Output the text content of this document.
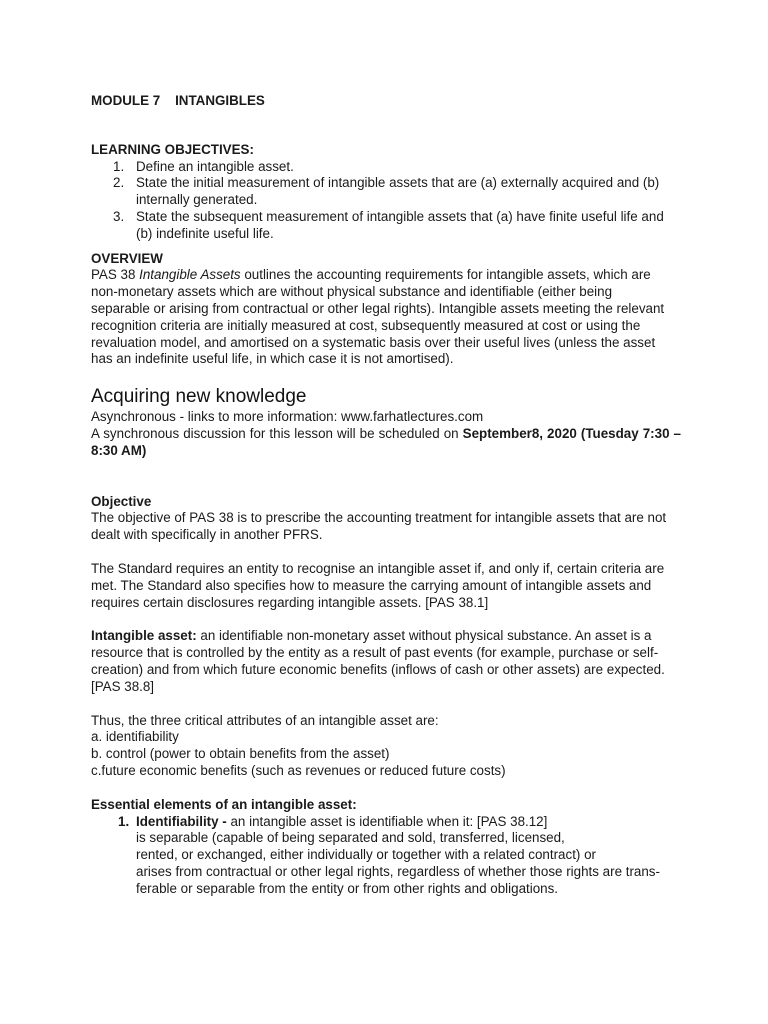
MODULE 7    INTANGIBLES

LEARNING OBJECTIVES:

1. Define an intangible asset.
2. State the initial measurement of intangible assets that are (a) externally acquired and (b) internally generated.
3. State the subsequent measurement of intangible assets that (a) have finite useful life and (b) indefinite useful life.

OVERVIEW

PAS 38 Intangible Assets outlines the accounting requirements for intangible assets, which are non-monetary assets which are without physical substance and identifiable (either being separable or arising from contractual or other legal rights). Intangible assets meeting the relevant recognition criteria are initially measured at cost, subsequently measured at cost or using the revaluation model, and amortised on a systematic basis over their useful lives (unless the asset has an indefinite useful life, in which case it is not amortised).

Acquiring new knowledge

Asynchronous - links to more information: www.farhatlectures.com

A synchronous discussion for this lesson will be scheduled on September8, 2020 (Tuesday 7:30 – 8:30 AM)

Objective

The objective of PAS 38 is to prescribe the accounting treatment for intangible assets that are not dealt with specifically in another PFRS.

The Standard requires an entity to recognise an intangible asset if, and only if, certain criteria are met. The Standard also specifies how to measure the carrying amount of intangible assets and requires certain disclosures regarding intangible assets. [PAS 38.1]

Intangible asset: an identifiable non-monetary asset without physical substance. An asset is a resource that is controlled by the entity as a result of past events (for example, purchase or self-creation) and from which future economic benefits (inflows of cash or other assets) are expected. [PAS 38.8]

Thus, the three critical attributes of an intangible asset are:

a. identifiability

b. control (power to obtain benefits from the asset)

c.future economic benefits (such as revenues or reduced future costs)

Essential elements of an intangible asset:

1. Identifiability - an intangible asset is identifiable when it: [PAS 38.12]
is separable (capable of being separated and sold, transferred, licensed,
rented, or exchanged, either individually or together with a related contract) or
arises from contractual or other legal rights, regardless of whether those rights are trans-
ferable or separable from the entity or from other rights and obligations.
